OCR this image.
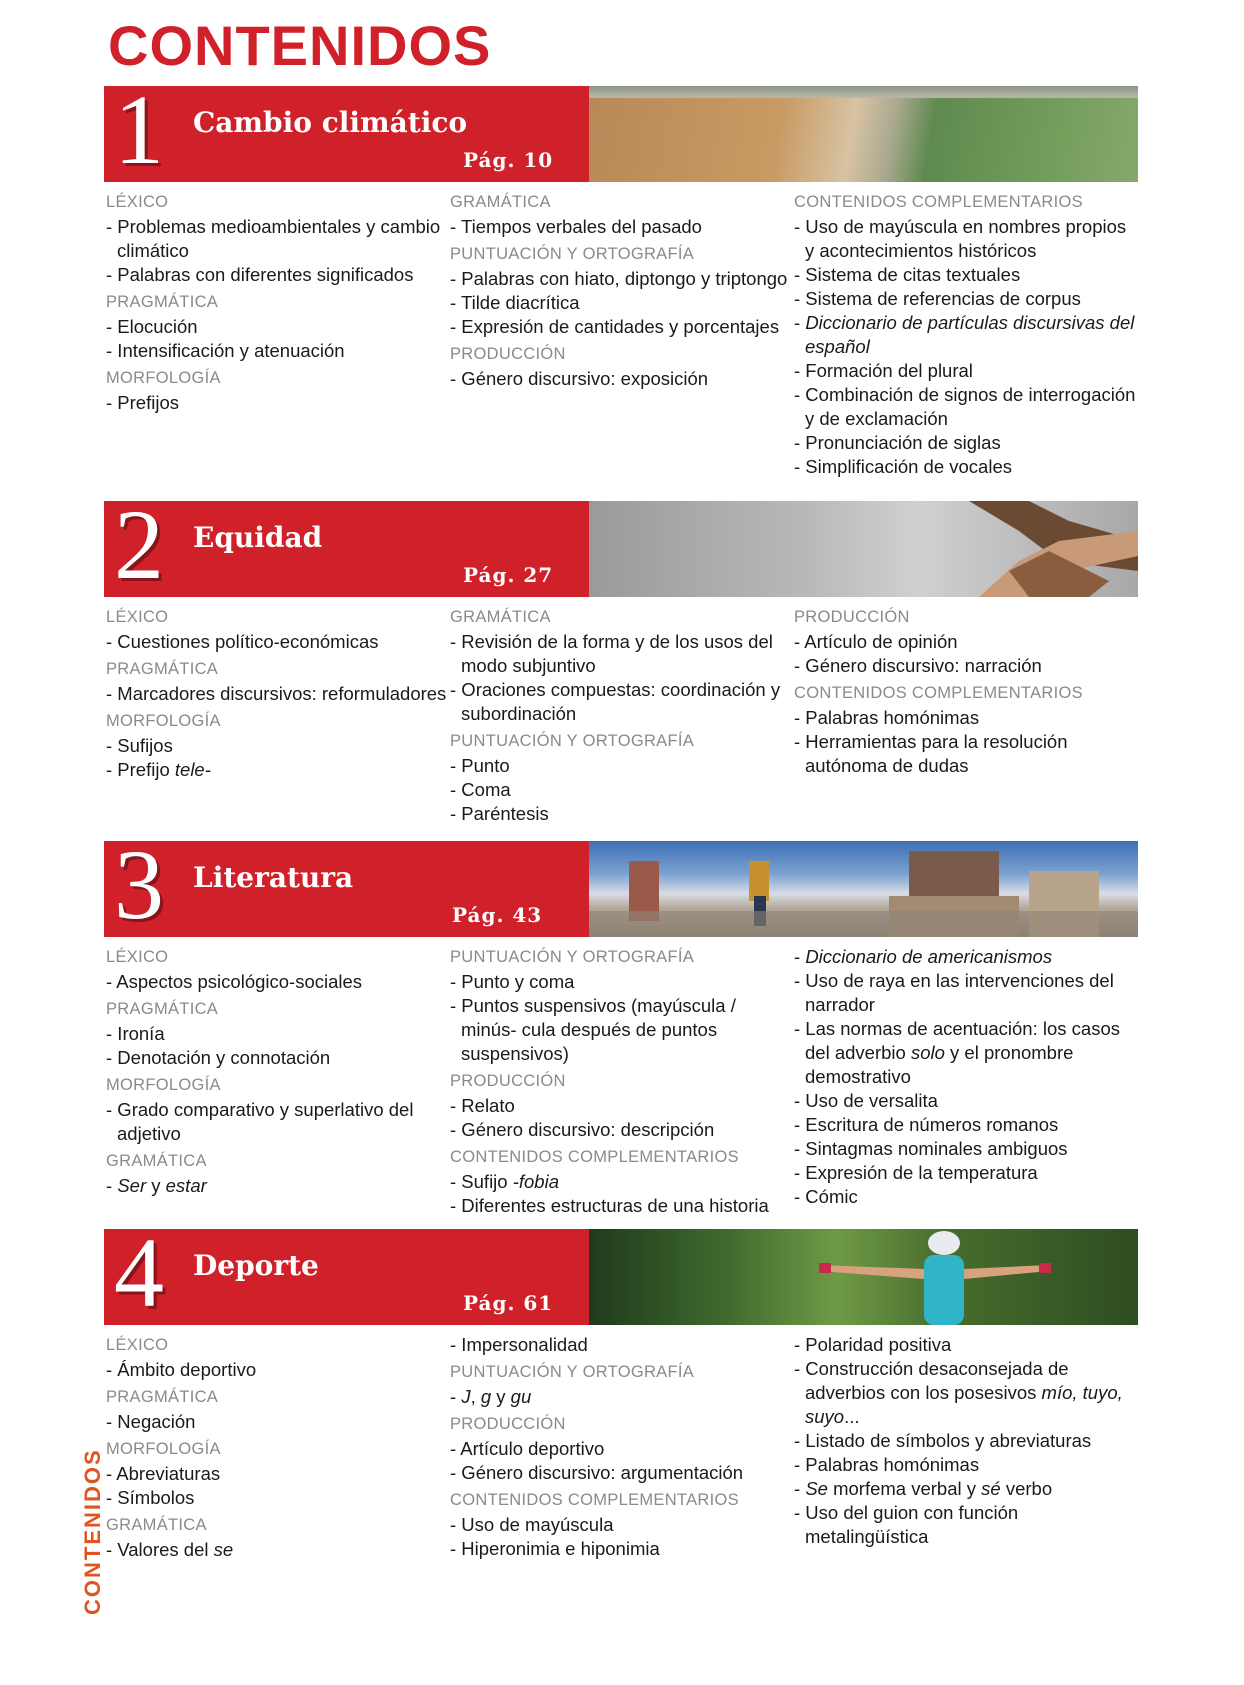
CONTENIDOS
CONTENIDOS
1 Cambio climático
Pág. 10
LÉXICO
- Problemas medioambientales y cambio climático
- Palabras con diferentes significados
PRAGMÁTICA
- Elocución
- Intensificación y atenuación
MORFOLOGÍA
- Prefijos
GRAMÁTICA
- Tiempos verbales del pasado
PUNTUACIÓN Y ORTOGRAFÍA
- Palabras con hiato, diptongo y triptongo
- Tilde diacrítica
- Expresión de cantidades y porcentajes
PRODUCCIÓN
- Género discursivo: exposición
CONTENIDOS COMPLEMENTARIOS
- Uso de mayúscula en nombres propios y acontecimientos históricos
- Sistema de citas textuales
- Sistema de referencias de corpus
- Diccionario de partículas discursivas del español
- Formación del plural
- Combinación de signos de interrogación y de exclamación
- Pronunciación de siglas
- Simplificación de vocales
2 Equidad
Pág. 27
LÉXICO
- Cuestiones político-económicas
PRAGMÁTICA
- Marcadores discursivos: reformuladores
MORFOLOGÍA
- Sufijos
- Prefijo tele-
GRAMÁTICA
- Revisión de la forma y de los usos del modo subjuntivo
- Oraciones compuestas: coordinación y subordinación
PUNTUACIÓN Y ORTOGRAFÍA
- Punto
- Coma
- Paréntesis
PRODUCCIÓN
- Artículo de opinión
- Género discursivo: narración
CONTENIDOS COMPLEMENTARIOS
- Palabras homónimas
- Herramientas para la resolución autónoma de dudas
3 Literatura
Pág. 43
LÉXICO
- Aspectos psicológico-sociales
PRAGMÁTICA
- Ironía
- Denotación y connotación
MORFOLOGÍA
- Grado comparativo y superlativo del adjetivo
GRAMÁTICA
- Ser y estar
PUNTUACIÓN Y ORTOGRAFÍA
- Punto y coma
- Puntos suspensivos (mayúscula / minús- cula después de puntos suspensivos)
PRODUCCIÓN
- Relato
- Género discursivo: descripción
CONTENIDOS COMPLEMENTARIOS
- Sufijo -fobia
- Diferentes estructuras de una historia
- Diccionario de americanismos
- Uso de raya en las intervenciones del narrador
- Las normas de acentuación: los casos del adverbio solo y el pronombre demostrativo
- Uso de versalita
- Escritura de números romanos
- Sintagmas nominales ambiguos
- Expresión de la temperatura
- Cómic
4 Deporte
Pág. 61
LÉXICO
- Ámbito deportivo
PRAGMÁTICA
- Negación
MORFOLOGÍA
- Abreviaturas
- Símbolos
GRAMÁTICA
- Valores del se
- Impersonalidad
PUNTUACIÓN Y ORTOGRAFÍA
- J, g y gu
PRODUCCIÓN
- Artículo deportivo
- Género discursivo: argumentación
CONTENIDOS COMPLEMENTARIOS
- Uso de mayúscula
- Hiperonimia e hiponimia
- Polaridad positiva
- Construcción desaconsejada de adverbios con los posesivos mío, tuyo, suyo...
- Listado de símbolos y abreviaturas
- Palabras homónimas
- Se morfema verbal y sé verbo
- Uso del guion con función metalingüística
